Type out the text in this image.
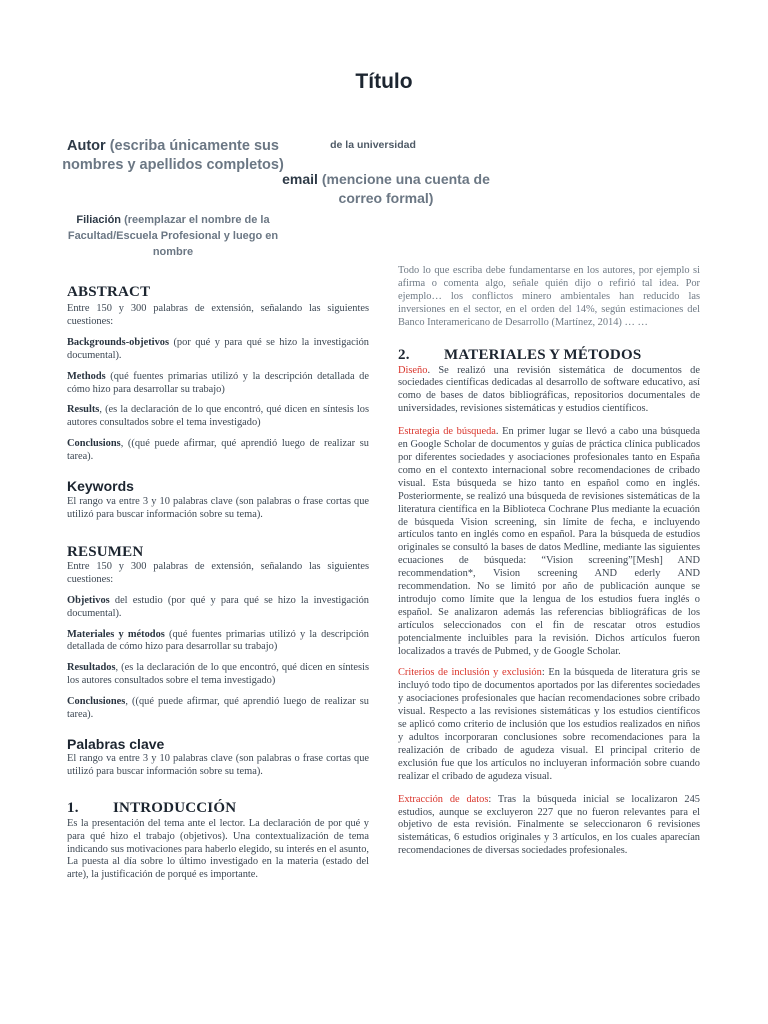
Título
Autor (escriba únicamente sus nombres y apellidos completos)
Filiación (reemplazar el nombre de la Facultad/Escuela Profesional y luego en nombre
de la universidad
email (mencione una cuenta de correo formal)
ABSTRACT

Entre 150 y 300 palabras de extensión, señalando las siguientes cuestiones:

Backgrounds-objetivos (por qué y para qué se hizo la investigación documental).

Methods (qué fuentes primarias utilizó y la descripción detallada de cómo hizo para desarrollar su trabajo)

Results, (es la declaración de lo que encontró, qué dicen en síntesis los autores consultados sobre el tema investigado)

Conclusions, ((qué puede afirmar, qué aprendió luego de realizar su tarea).

Keywords

El rango va entre 3 y 10 palabras clave (son palabras o frase cortas que utilizó para buscar información sobre su tema).

RESUMEN

Entre 150 y 300 palabras de extensión, señalando las siguientes cuestiones:

Objetivos del estudio (por qué y para qué se hizo la investigación documental).

Materiales y métodos (qué fuentes primarias utilizó y la descripción detallada de cómo hizo para desarrollar su trabajo)

Resultados, (es la declaración de lo que encontró, qué dicen en síntesis los autores consultados sobre el tema investigado)

Conclusiones, ((qué puede afirmar, qué aprendió luego de realizar su tarea).

Palabras clave

El rango va entre 3 y 10 palabras clave (son palabras o frase cortas que utilizó para buscar información sobre su tema).

1. INTRODUCCIÓN

Es la presentación del tema ante el lector. La declaración de por qué y para qué hizo el trabajo (objetivos). Una contextualización de tema indicando sus motivaciones para haberlo elegido, su interés en el asunto, La puesta al día sobre lo último investigado en la materia (estado del arte), la justificación de porqué es importante.

Todo lo que escriba debe fundamentarse en los autores, por ejemplo si afirma o comenta algo, señale quién dijo o refirió tal idea. Por ejemplo… los conflictos minero ambientales han reducido las inversiones en el sector, en el orden del 14%, según estimaciones del Banco Interamericano de Desarrollo (Martínez, 2014) … …

2. MATERIALES Y MÉTODOS

Diseño. Se realizó una revisión sistemática de documentos de sociedades científicas dedicadas al desarrollo de software educativo, así como de bases de datos bibliográficas, repositorios documentales de universidades, revisiones sistemáticas y estudios científicos.

Estrategia de búsqueda. En primer lugar se llevó a cabo una búsqueda en Google Scholar de documentos y guías de práctica clínica publicados por diferentes sociedades y asociaciones profesionales tanto en España como en el contexto internacional sobre recomendaciones de cribado visual. Esta búsqueda se hizo tanto en español como en inglés. Posteriormente, se realizó una búsqueda de revisiones sistemáticas de la literatura científica en la Biblioteca Cochrane Plus mediante la ecuación de búsqueda Vision screening, sin límite de fecha, e incluyendo artículos tanto en inglés como en español. Para la búsqueda de estudios originales se consultó la bases de datos Medline, mediante las siguientes ecuaciones de búsqueda: “Vision screening”[Mesh] AND recommendation*, Vision screening AND ederly AND recommendation. No se limitó por año de publicación aunque se introdujo como límite que la lengua de los estudios fuera inglés o español. Se analizaron además las referencias bibliográficas de los artículos seleccionados con el fin de rescatar otros estudios potencialmente incluibles para la revisión. Dichos artículos fueron localizados a través de Pubmed, y de Google Scholar.

Criterios de inclusión y exclusión: En la búsqueda de literatura gris se incluyó todo tipo de documentos aportados por las diferentes sociedades y asociaciones profesionales que hacían recomendaciones sobre cribado visual. Respecto a las revisiones sistemáticas y los estudios científicos se aplicó como criterio de inclusión que los estudios realizados en niños y adultos incorporaran conclusiones sobre recomendaciones para la realización de cribado de agudeza visual. El principal criterio de exclusión fue que los artículos no incluyeran información sobre cuando realizar el cribado de agudeza visual.

Extracción de datos: Tras la búsqueda inicial se localizaron 245 estudios, aunque se excluyeron 227 que no fueron relevantes para el objetivo de esta revisión. Finalmente se seleccionaron 6 revisiones sistemáticas, 6 estudios originales y 3 artículos, en los cuales aparecían recomendaciones de diversas sociedades profesionales.
